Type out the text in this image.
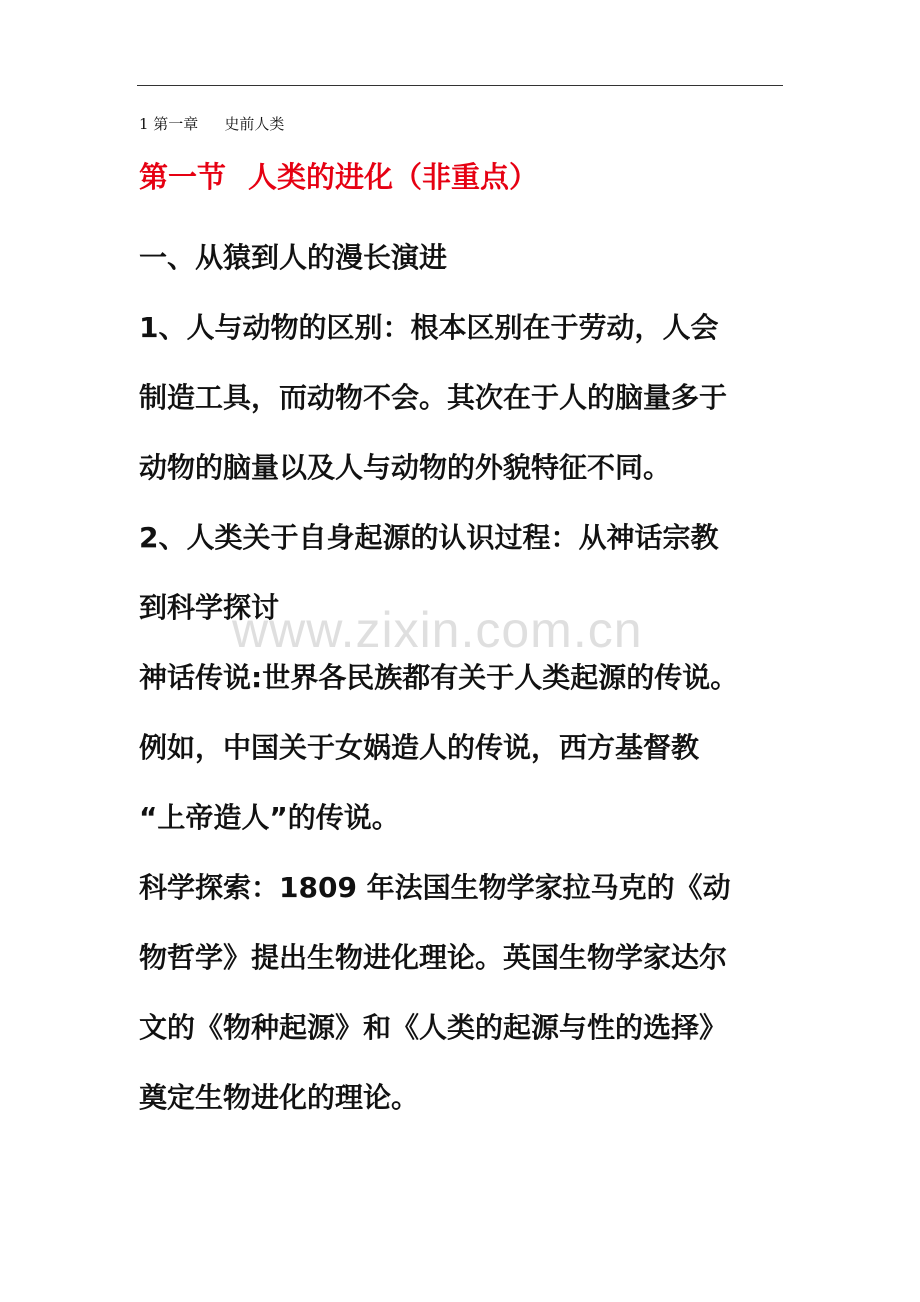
1 第一章 史前人类
第一节 人类的进化（非重点）

一、从猿到人的漫长演进

1、人与动物的区别：根本区别在于劳动，人会
制造工具，而动物不会。其次在于人的脑量多于
动物的脑量以及人与动物的外貌特征不同。

2、人类关于自身起源的认识过程：从神话宗教
到科学探讨

神话传说:世界各民族都有关于人类起源的传说。
例如，中国关于女娲造人的传说，西方基督教
“上帝造人”的传说。

科学探索：1809 年法国生物学家拉马克的《动
物哲学》提出生物进化理论。英国生物学家达尔
文的《物种起源》和《人类的起源与性的选择》
奠定生物进化的理论。

www.zixin.com.cn
